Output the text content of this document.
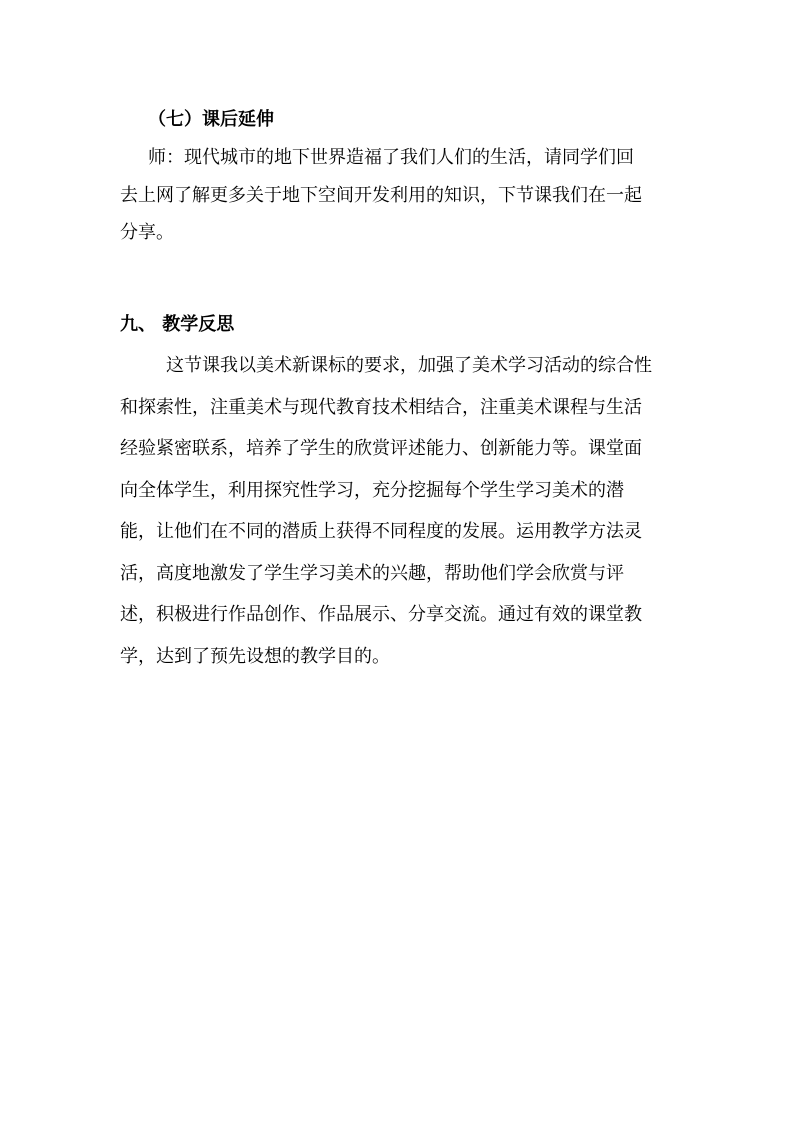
（七）课后延伸
师：现代城市的地下世界造福了我们人们的生活，请同学们回
去上网了解更多关于地下空间开发利用的知识，下节课我们在一起
分享。
九、 教学反思
这节课我以美术新课标的要求，加强了美术学习活动的综合性
和探索性，注重美术与现代教育技术相结合，注重美术课程与生活
经验紧密联系，培养了学生的欣赏评述能力、创新能力等。课堂面
向全体学生，利用探究性学习，充分挖掘每个学生学习美术的潜
能，让他们在不同的潜质上获得不同程度的发展。运用教学方法灵
活，高度地激发了学生学习美术的兴趣，帮助他们学会欣赏与评
述，积极进行作品创作、作品展示、分享交流。通过有效的课堂教
学，达到了预先设想的教学目的。
